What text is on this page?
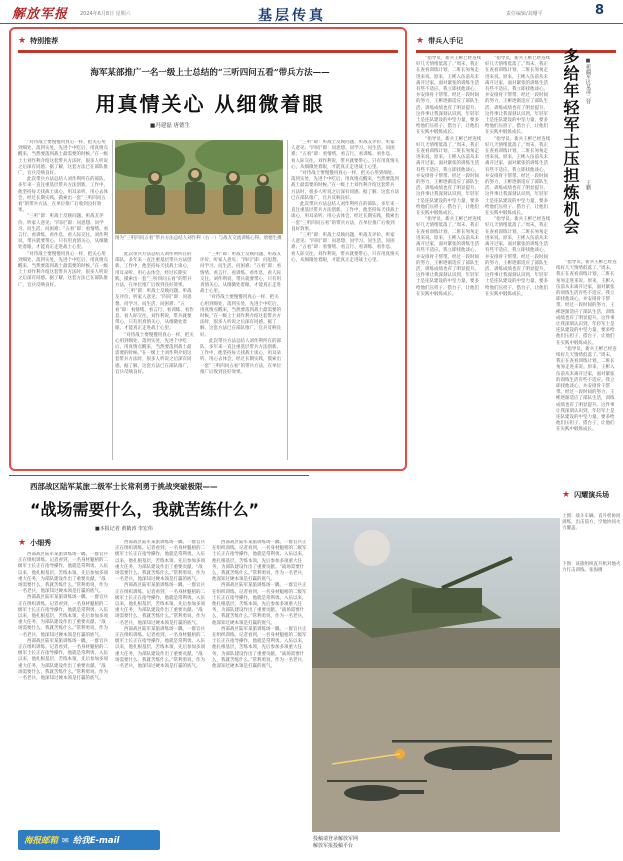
解放军报 2024年6月8日 星期六	基层传真	责任编辑/刘珊平	8
★ 特别推荐
海军某部推广一名一级上士总结的“三听四问五看”带兵方法——
用真情关心 从细微着眼
■冯建磊 唐德生

“对待战士要慢慢用真心一样，把关心用到细处、落到实处，先进个中吃后，用真情点醒来，当然要落到战士最需要的时候。”在一级上士刘作利介绍这套带兵方法时，很多人听说之后深有同感。据了解，这套方法已在部队推广，官兵反响良好。

此次带兵方法总结人刘作利所在的部队，多年来一直注重基层带兵方法创新。工作中，他坚持每天找战士谈心，用耳朵听、用心去体会，经过长期实践，摸索出一套“三听四问五看”的带兵方法，在单位推广后收到良好效果。

“三听”即：听战士反映问题、听战友评价、听家人意见；“四问”即：问思想、问学习、问生活、问困难；“五看”即：看情绪、看言行、看训练、看作息、看人际交往。刘作利说，带兵就要带心，只有用真情关心，从细微处着眼，才能真正走进战士心里。

“对待战士要慢慢用真心一样，把关心用到细处、落到实处，先进个中吃后，用真情点醒来，当然要落到战士最需要的时候。”在一级上士刘作利介绍这套带兵方法时，很多人听说之后深有同感。据了解，这套方法已在部队推广，官兵反响良好。

图为“三听四问五看”带兵方法总结人刘作利（右一）与战友交流训练心得。唐德生摄

此次带兵方法总结人刘作利所在的部队，多年来一直注重基层带兵方法创新。工作中，他坚持每天找战士谈心，用耳朵听、用心去体会，经过长期实践，摸索出一套“三听四问五看”的带兵方法，在单位推广后收到良好效果。

“三听”即：听战士反映问题、听战友评价、听家人意见；“四问”即：问思想、问学习、问生活、问困难；“五看”即：看情绪、看言行、看训练、看作息、看人际交往。刘作利说，带兵就要带心，只有用真情关心，从细微处着眼，才能真正走进战士心里。

“对待战士要慢慢用真心一样，把关心用到细处、落到实处，先进个中吃后，用真情点醒来，当然要落到战士最需要的时候。”在一级上士刘作利介绍这套带兵方法时，很多人听说之后深有同感。据了解，这套方法已在部队推广，官兵反响良好。

“三听”即：听战士反映问题、听战友评价、听家人意见；“四问”即：问思想、问学习、问生活、问困难；“五看”即：看情绪、看言行、看训练、看作息、看人际交往。刘作利说，带兵就要带心，只有用真情关心，从细微处着眼，才能真正走进战士心里。

“对待战士要慢慢用真心一样，把关心用到细处、落到实处，先进个中吃后，用真情点醒来，当然要落到战士最需要的时候。”在一级上士刘作利介绍这套带兵方法时，很多人听说之后深有同感。据了解，这套方法已在部队推广，官兵反响良好。

此次带兵方法总结人刘作利所在的部队，多年来一直注重基层带兵方法创新。工作中，他坚持每天找战士谈心，用耳朵听、用心去体会，经过长期实践，摸索出一套“三听四问五看”的带兵方法，在单位推广后收到良好效果。

“三听”即：听战士反映问题、听战友评价、听家人意见；“四问”即：问思想、问学习、问生活、问困难；“五看”即：看情绪、看言行、看训练、看作息、看人际交往。刘作利说，带兵就要带心，只有用真情关心，从细微处着眼，才能真正走进战士心里。

“对待战士要慢慢用真心一样，把关心用到细处、落到实处，先进个中吃后，用真情点醒来，当然要落到战士最需要的时候。”在一级上士刘作利介绍这套带兵方法时，很多人听说之后深有同感。据了解，这套方法已在部队推广，官兵反响良好。

此次带兵方法总结人刘作利所在的部队，多年来一直注重基层带兵方法创新。工作中，他坚持每天找战士谈心，用耳朵听、用心去体会，经过长期实践，摸索出一套“三听四问五看”的带兵方法，在单位推广后收到良好效果。

“三听”即：听战士反映问题、听战友评价、听家人意见；“四问”即：问思想、问学习、问生活、问困难；“五看”即：看情绪、看言行、看训练、看作息、看人际交往。刘作利说，带兵就要带心，只有用真情关心，从细微处着眼，才能真正走进战士心里。

★ 带兵人手记
多给年轻军士压担炼机会 ■新疆军区某部二营
王鹏

“指导员，新兵王彬已经连续好几天情绪低落了。”周末，我正在查看训练计划，二班长匆匆走进来说。原来，王彬入伍前从未离开过家，面对紧张的训练生活有些不适应。我立即找他谈心，并安排骨干帮带。经过一段时间的努力，王彬逐渐适应了部队生活，训练成绩也有了明显提升。这件事让我深刻认识到，年轻军士是连队建设的中坚力量，要多给他们压担子、搭台子，让他们在实践中锻炼成长。

“指导员，新兵王彬已经连续好几天情绪低落了。”周末，我正在查看训练计划，二班长匆匆走进来说。原来，王彬入伍前从未离开过家，面对紧张的训练生活有些不适应。我立即找他谈心，并安排骨干帮带。经过一段时间的努力，王彬逐渐适应了部队生活，训练成绩也有了明显提升。这件事让我深刻认识到，年轻军士是连队建设的中坚力量，要多给他们压担子、搭台子，让他们在实践中锻炼成长。

“指导员，新兵王彬已经连续好几天情绪低落了。”周末，我正在查看训练计划，二班长匆匆走进来说。原来，王彬入伍前从未离开过家，面对紧张的训练生活有些不适应。我立即找他谈心，并安排骨干帮带。经过一段时间的努力，王彬逐渐适应了部队生活，训练成绩也有了明显提升。这件事让我深刻认识到，年轻军士是连队建设的中坚力量，要多给他们压担子、搭台子，让他们在实践中锻炼成长。

“指导员，新兵王彬已经连续好几天情绪低落了。”周末，我正在查看训练计划，二班长匆匆走进来说。原来，王彬入伍前从未离开过家，面对紧张的训练生活有些不适应。我立即找他谈心，并安排骨干帮带。经过一段时间的努力，王彬逐渐适应了部队生活，训练成绩也有了明显提升。这件事让我深刻认识到，年轻军士是连队建设的中坚力量，要多给他们压担子、搭台子，让他们在实践中锻炼成长。

“指导员，新兵王彬已经连续好几天情绪低落了。”周末，我正在查看训练计划，二班长匆匆走进来说。原来，王彬入伍前从未离开过家，面对紧张的训练生活有些不适应。我立即找他谈心，并安排骨干帮带。经过一段时间的努力，王彬逐渐适应了部队生活，训练成绩也有了明显提升。这件事让我深刻认识到，年轻军士是连队建设的中坚力量，要多给他们压担子、搭台子，让他们在实践中锻炼成长。

“指导员，新兵王彬已经连续好几天情绪低落了。”周末，我正在查看训练计划，二班长匆匆走进来说。原来，王彬入伍前从未离开过家，面对紧张的训练生活有些不适应。我立即找他谈心，并安排骨干帮带。经过一段时间的努力，王彬逐渐适应了部队生活，训练成绩也有了明显提升。这件事让我深刻认识到，年轻军士是连队建设的中坚力量，要多给他们压担子、搭台子，让他们在实践中锻炼成长。

“指导员，新兵王彬已经连续好几天情绪低落了。”周末，我正在查看训练计划，二班长匆匆走进来说。原来，王彬入伍前从未离开过家，面对紧张的训练生活有些不适应。我立即找他谈心，并安排骨干帮带。经过一段时间的努力，王彬逐渐适应了部队生活，训练成绩也有了明显提升。这件事让我深刻认识到，年轻军士是连队建设的中坚力量，要多给他们压担子、搭台子，让他们在实践中锻炼成长。

“指导员，新兵王彬已经连续好几天情绪低落了。”周末，我正在查看训练计划，二班长匆匆走进来说。原来，王彬入伍前从未离开过家，面对紧张的训练生活有些不适应。我立即找他谈心，并安排骨干帮带。经过一段时间的努力，王彬逐渐适应了部队生活，训练成绩也有了明显提升。这件事让我深刻认识到，年轻军士是连队建设的中坚力量，要多给他们压担子、搭台子，让他们在实践中锻炼成长。

西部战区陆军某旅二级军士长常利勇于挑战突破极限——
“战场需要什么，我就苦练什么”
■本报记者 黄鹤涛 李宏伟
★ 小细秀

西部战区陆军某旅训练场一隅，一群官兵正在组织训练。记者看到，一名身材魁梧的二级军士长正在指导操作，他就是常利勇。入伍以来，他扎根基层，苦练本领，先后参加多项重大任务，为部队建设作出了重要贡献。“战场需要什么，我就苦练什么。”常利勇说，作为一名老兵，他深知过硬本领是打赢的底气。

西部战区陆军某旅训练场一隅，一群官兵正在组织训练。记者看到，一名身材魁梧的二级军士长正在指导操作，他就是常利勇。入伍以来，他扎根基层，苦练本领，先后参加多项重大任务，为部队建设作出了重要贡献。“战场需要什么，我就苦练什么。”常利勇说，作为一名老兵，他深知过硬本领是打赢的底气。

西部战区陆军某旅训练场一隅，一群官兵正在组织训练。记者看到，一名身材魁梧的二级军士长正在指导操作，他就是常利勇。入伍以来，他扎根基层，苦练本领，先后参加多项重大任务，为部队建设作出了重要贡献。“战场需要什么，我就苦练什么。”常利勇说，作为一名老兵，他深知过硬本领是打赢的底气。

西部战区陆军某旅训练场一隅，一群官兵正在组织训练。记者看到，一名身材魁梧的二级军士长正在指导操作，他就是常利勇。入伍以来，他扎根基层，苦练本领，先后参加多项重大任务，为部队建设作出了重要贡献。“战场需要什么，我就苦练什么。”常利勇说，作为一名老兵，他深知过硬本领是打赢的底气。

西部战区陆军某旅训练场一隅，一群官兵正在组织训练。记者看到，一名身材魁梧的二级军士长正在指导操作，他就是常利勇。入伍以来，他扎根基层，苦练本领，先后参加多项重大任务，为部队建设作出了重要贡献。“战场需要什么，我就苦练什么。”常利勇说，作为一名老兵，他深知过硬本领是打赢的底气。

西部战区陆军某旅训练场一隅，一群官兵正在组织训练。记者看到，一名身材魁梧的二级军士长正在指导操作，他就是常利勇。入伍以来，他扎根基层，苦练本领，先后参加多项重大任务，为部队建设作出了重要贡献。“战场需要什么，我就苦练什么。”常利勇说，作为一名老兵，他深知过硬本领是打赢的底气。

西部战区陆军某旅训练场一隅，一群官兵正在组织训练。记者看到，一名身材魁梧的二级军士长正在指导操作，他就是常利勇。入伍以来，他扎根基层，苦练本领，先后参加多项重大任务，为部队建设作出了重要贡献。“战场需要什么，我就苦练什么。”常利勇说，作为一名老兵，他深知过硬本领是打赢的底气。

西部战区陆军某旅训练场一隅，一群官兵正在组织训练。记者看到，一名身材魁梧的二级军士长正在指导操作，他就是常利勇。入伍以来，他扎根基层，苦练本领，先后参加多项重大任务，为部队建设作出了重要贡献。“战场需要什么，我就苦练什么。”常利勇说，作为一名老兵，他深知过硬本领是打赢的底气。

西部战区陆军某旅训练场一隅，一群官兵正在组织训练。记者看到，一名身材魁梧的二级军士长正在指导操作，他就是常利勇。入伍以来，他扎根基层，苦练本领，先后参加多项重大任务，为部队建设作出了重要贡献。“战场需要什么，我就苦练什么。”常利勇说，作为一名老兵，他深知过硬本领是打赢的底气。

★ 闪耀演兵场
上图：战斗车辆、直升机协同训练，出击前方，空地协同火力覆盖。
下图：该旅组织直升机对地火力打击训练。张海摄
海报邮箱 ✉ 给我E-mail	投稿请登录解放军网
解放军报投稿平台
